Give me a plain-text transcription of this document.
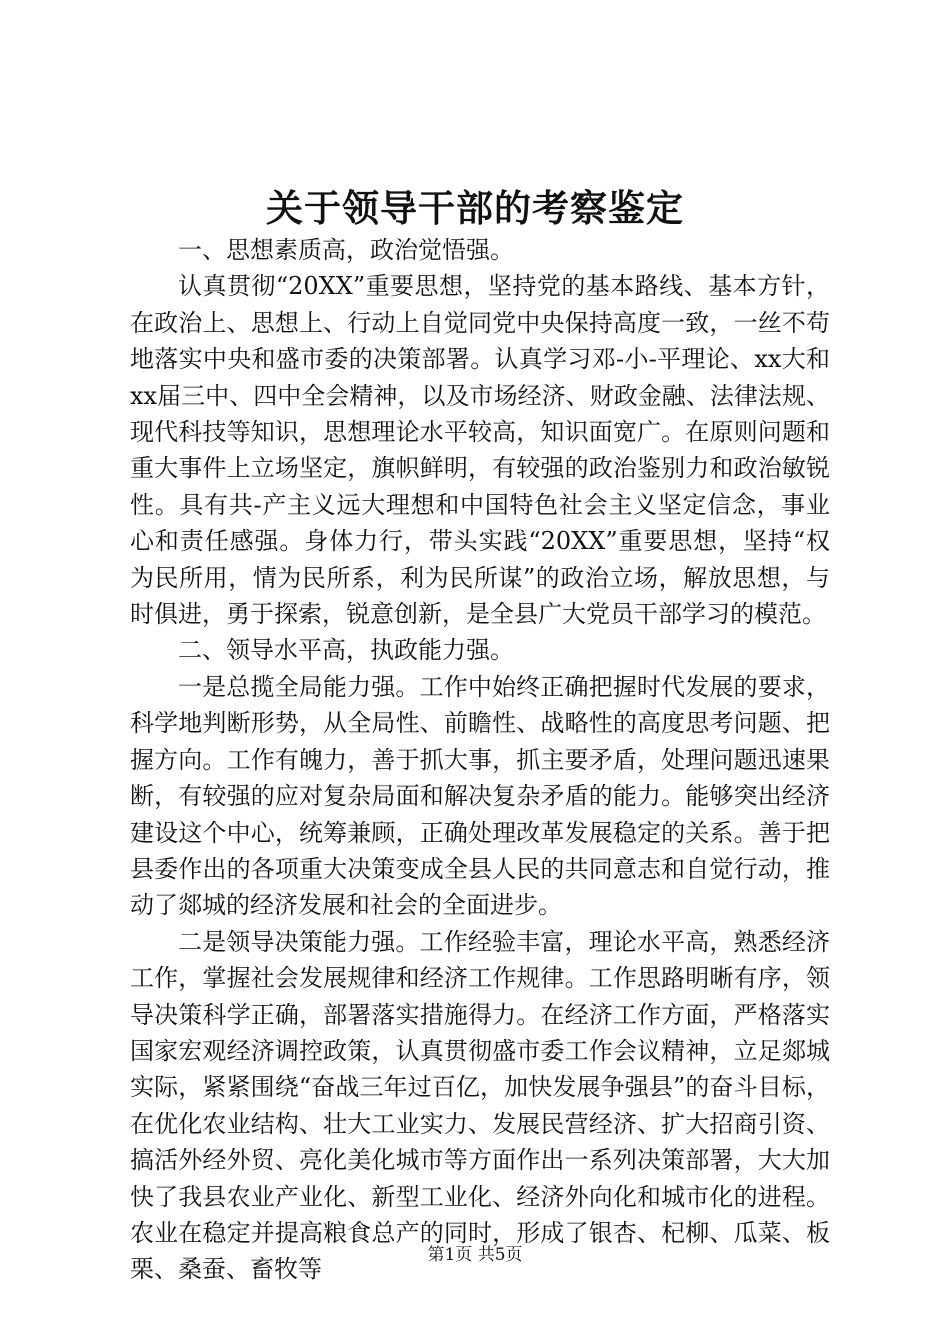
关于领导干部的考察鉴定

一、思想素质高，政治觉悟强。

认真贯彻“20XX”重要思想，坚持党的基本路线、基本方针，在政治上、思想上、行动上自觉同党中央保持高度一致，一丝不苟地落实中央和盛市委的决策部署。认真学习邓-小-平理论、xx大和xx届三中、四中全会精神，以及市场经济、财政金融、法律法规、现代科技等知识，思想理论水平较高，知识面宽广。在原则问题和重大事件上立场坚定，旗帜鲜明，有较强的政治鉴别力和政治敏锐性。具有共-产主义远大理想和中国特色社会主义坚定信念，事业心和责任感强。身体力行，带头实践“20XX”重要思想，坚持“权为民所用，情为民所系，利为民所谋”的政治立场，解放思想，与时俱进，勇于探索，锐意创新，是全县广大党员干部学习的模范。

二、领导水平高，执政能力强。

一是总揽全局能力强。工作中始终正确把握时代发展的要求，科学地判断形势，从全局性、前瞻性、战略性的高度思考问题、把握方向。工作有魄力，善于抓大事，抓主要矛盾，处理问题迅速果断，有较强的应对复杂局面和解决复杂矛盾的能力。能够突出经济建设这个中心，统筹兼顾，正确处理改革发展稳定的关系。善于把县委作出的各项重大决策变成全县人民的共同意志和自觉行动，推动了郯城的经济发展和社会的全面进步。

二是领导决策能力强。工作经验丰富，理论水平高，熟悉经济工作，掌握社会发展规律和经济工作规律。工作思路明晰有序，领导决策科学正确，部署落实措施得力。在经济工作方面，严格落实国家宏观经济调控政策，认真贯彻盛市委工作会议精神，立足郯城实际，紧紧围绕“奋战三年过百亿，加快发展争强县”的奋斗目标，在优化农业结构、壮大工业实力、发展民营经济、扩大招商引资、搞活外经外贸、亮化美化城市等方面作出一系列决策部署，大大加快了我县农业产业化、新型工业化、经济外向化和城市化的进程。农业在稳定并提高粮食总产的同时，形成了银杏、杞柳、瓜菜、板栗、桑蚕、畜牧等

第1页 共5页
